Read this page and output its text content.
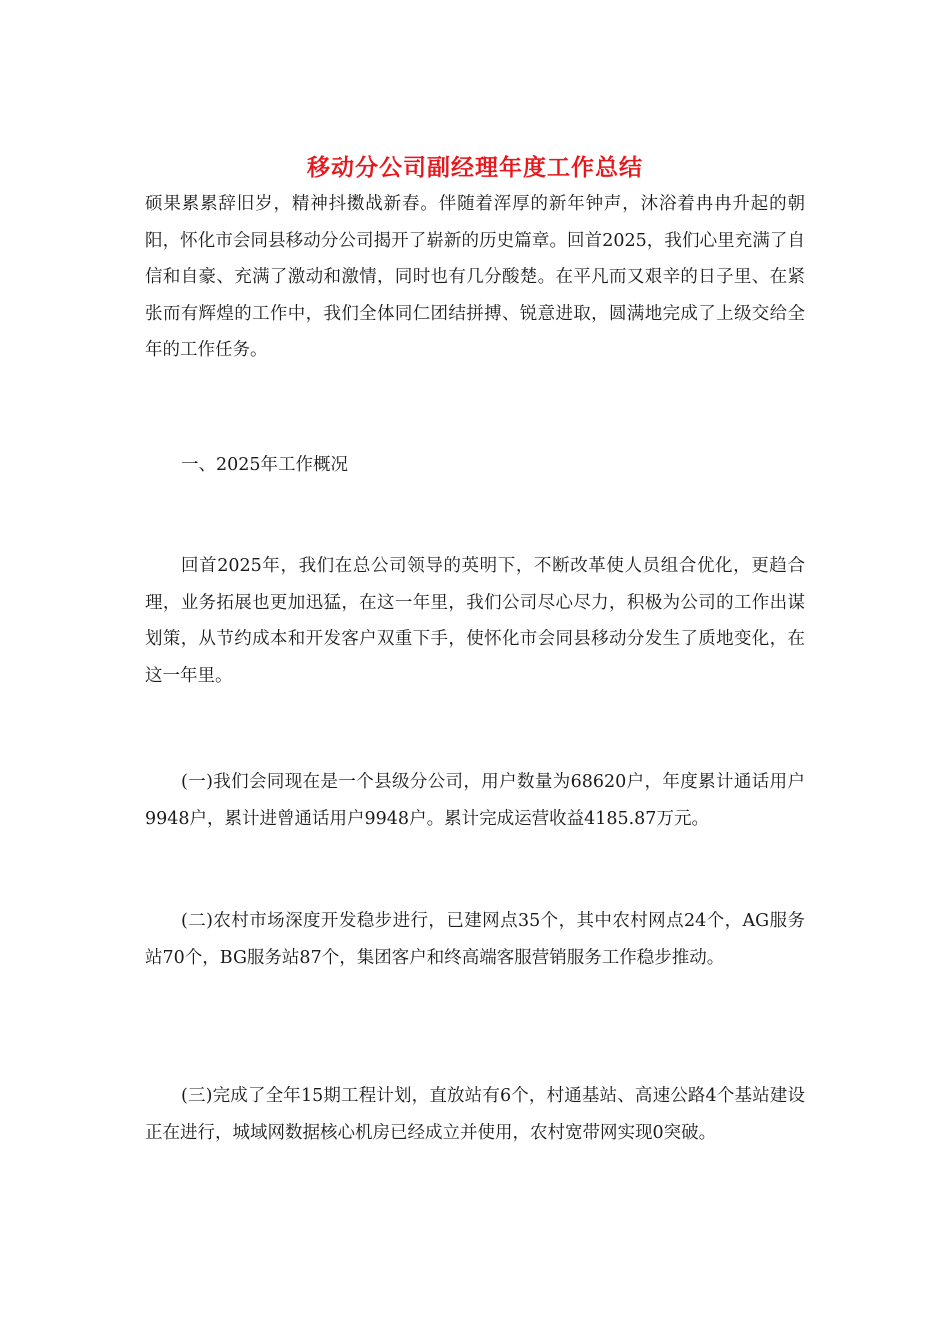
移动分公司副经理年度工作总结

硕果累累辞旧岁，精神抖擞战新春。伴随着浑厚的新年钟声，沐浴着冉冉升起的朝阳，怀化市会同县移动分公司揭开了崭新的历史篇章。回首2025，我们心里充满了自信和自豪、充满了激动和激情，同时也有几分酸楚。在平凡而又艰辛的日子里、在紧张而有辉煌的工作中，我们全体同仁团结拼搏、锐意进取，圆满地完成了上级交给全年的工作任务。

一、2025年工作概况

回首2025年，我们在总公司领导的英明下，不断改革使人员组合优化，更趋合理，业务拓展也更加迅猛，在这一年里，我们公司尽心尽力，积极为公司的工作出谋划策，从节约成本和开发客户双重下手，使怀化市会同县移动分发生了质地变化，在这一年里。

(一)我们会同现在是一个县级分公司，用户数量为68620户，年度累计通话用户9948户，累计进曾通话用户9948户。累计完成运营收益4185.87万元。

(二)农村市场深度开发稳步进行，已建网点35个，其中农村网点24个，AG服务站70个，BG服务站87个，集团客户和终高端客服营销服务工作稳步推动。

(三)完成了全年15期工程计划，直放站有6个，村通基站、高速公路4个基站建设正在进行，城域网数据核心机房已经成立并使用，农村宽带网实现0突破。
